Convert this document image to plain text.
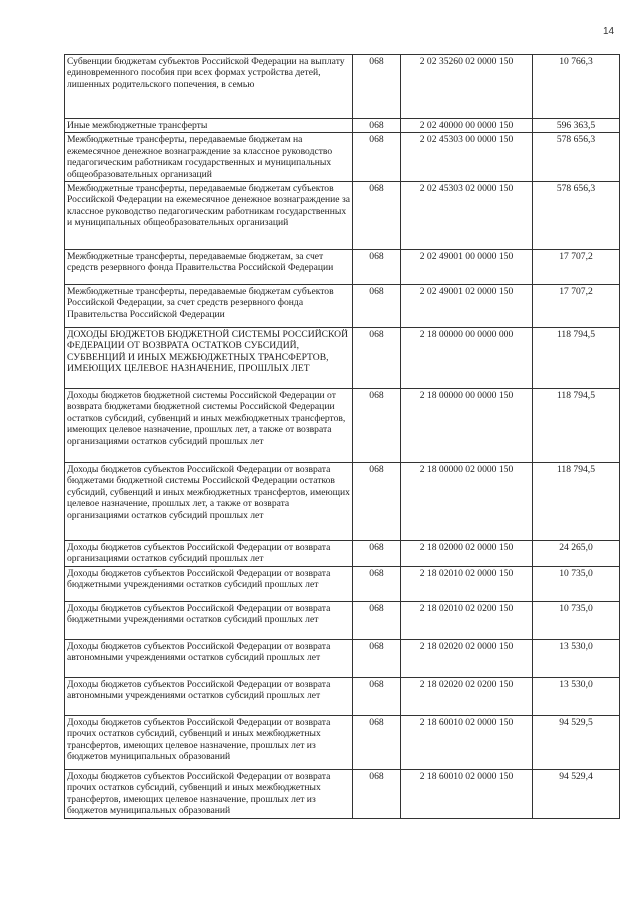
14
Субвенции бюджетам субъектов Российской Федерации на выплату единовременного пособия при всех формах устройства детей, лишенных родительского попечения, в семью	068	2 02 35260 02 0000 150	10 766,3
Иные межбюджетные трансферты	068	2 02 40000 00 0000 150	596 363,5
Межбюджетные трансферты, передаваемые бюджетам на ежемесячное денежное вознаграждение за классное руководство педагогическим работникам государственных и муниципальных общеобразовательных организаций	068	2 02 45303 00 0000 150	578 656,3
Межбюджетные трансферты, передаваемые бюджетам субъектов Российской Федерации на ежемесячное денежное вознаграждение за классное руководство педагогическим работникам государственных и муниципальных общеобразовательных организаций	068	2 02 45303 02 0000 150	578 656,3
Межбюджетные трансферты, передаваемые бюджетам, за счет средств резервного фонда Правительства Российской Федерации	068	2 02 49001 00 0000 150	17 707,2
Межбюджетные трансферты, передаваемые бюджетам субъектов Российской Федерации, за счет средств резервного фонда Правительства Российской Федерации	068	2 02 49001 02 0000 150	17 707,2
ДОХОДЫ БЮДЖЕТОВ БЮДЖЕТНОЙ СИСТЕМЫ РОССИЙСКОЙ ФЕДЕРАЦИИ ОТ ВОЗВРАТА ОСТАТКОВ СУБСИДИЙ, СУБВЕНЦИЙ И ИНЫХ МЕЖБЮДЖЕТНЫХ ТРАНСФЕРТОВ, ИМЕЮЩИХ ЦЕЛЕВОЕ НАЗНАЧЕНИЕ, ПРОШЛЫХ ЛЕТ	068	2 18 00000 00 0000 000	118 794,5
Доходы бюджетов бюджетной системы Российской Федерации от возврата бюджетами бюджетной системы Российской Федерации остатков субсидий, субвенций и иных межбюджетных трансфертов, имеющих целевое назначение, прошлых лет, а также от возврата организациями остатков субсидий прошлых лет	068	2 18 00000 00 0000 150	118 794,5
Доходы бюджетов субъектов Российской Федерации от возврата бюджетами бюджетной системы Российской Федерации остатков субсидий, субвенций и иных межбюджетных трансфертов, имеющих целевое назначение, прошлых лет, а также от возврата организациями остатков субсидий прошлых лет	068	2 18 00000 02 0000 150	118 794,5
Доходы бюджетов субъектов Российской Федерации от возврата организациями остатков субсидий прошлых лет	068	2 18 02000 02 0000 150	24 265,0
Доходы бюджетов субъектов Российской Федерации от возврата бюджетными учреждениями остатков субсидий прошлых лет	068	2 18 02010 02 0000 150	10 735,0
Доходы бюджетов субъектов Российской Федерации от возврата бюджетными учреждениями остатков субсидий прошлых лет	068	2 18 02010 02 0200 150	10 735,0
Доходы бюджетов субъектов Российской Федерации от возврата автономными учреждениями остатков субсидий прошлых лет	068	2 18 02020 02 0000 150	13 530,0
Доходы бюджетов субъектов Российской Федерации от возврата автономными учреждениями остатков субсидий прошлых лет	068	2 18 02020 02 0200 150	13 530,0
Доходы бюджетов субъектов Российской Федерации от возврата прочих остатков субсидий, субвенций и иных межбюджетных трансфертов, имеющих целевое назначение, прошлых лет из бюджетов муниципальных образований	068	2 18 60010 02 0000 150	94 529,5
Доходы бюджетов субъектов Российской Федерации от возврата прочих остатков субсидий, субвенций и иных межбюджетных трансфертов, имеющих целевое назначение, прошлых лет из бюджетов муниципальных образований	068	2 18 60010 02 0000 150	94 529,4
